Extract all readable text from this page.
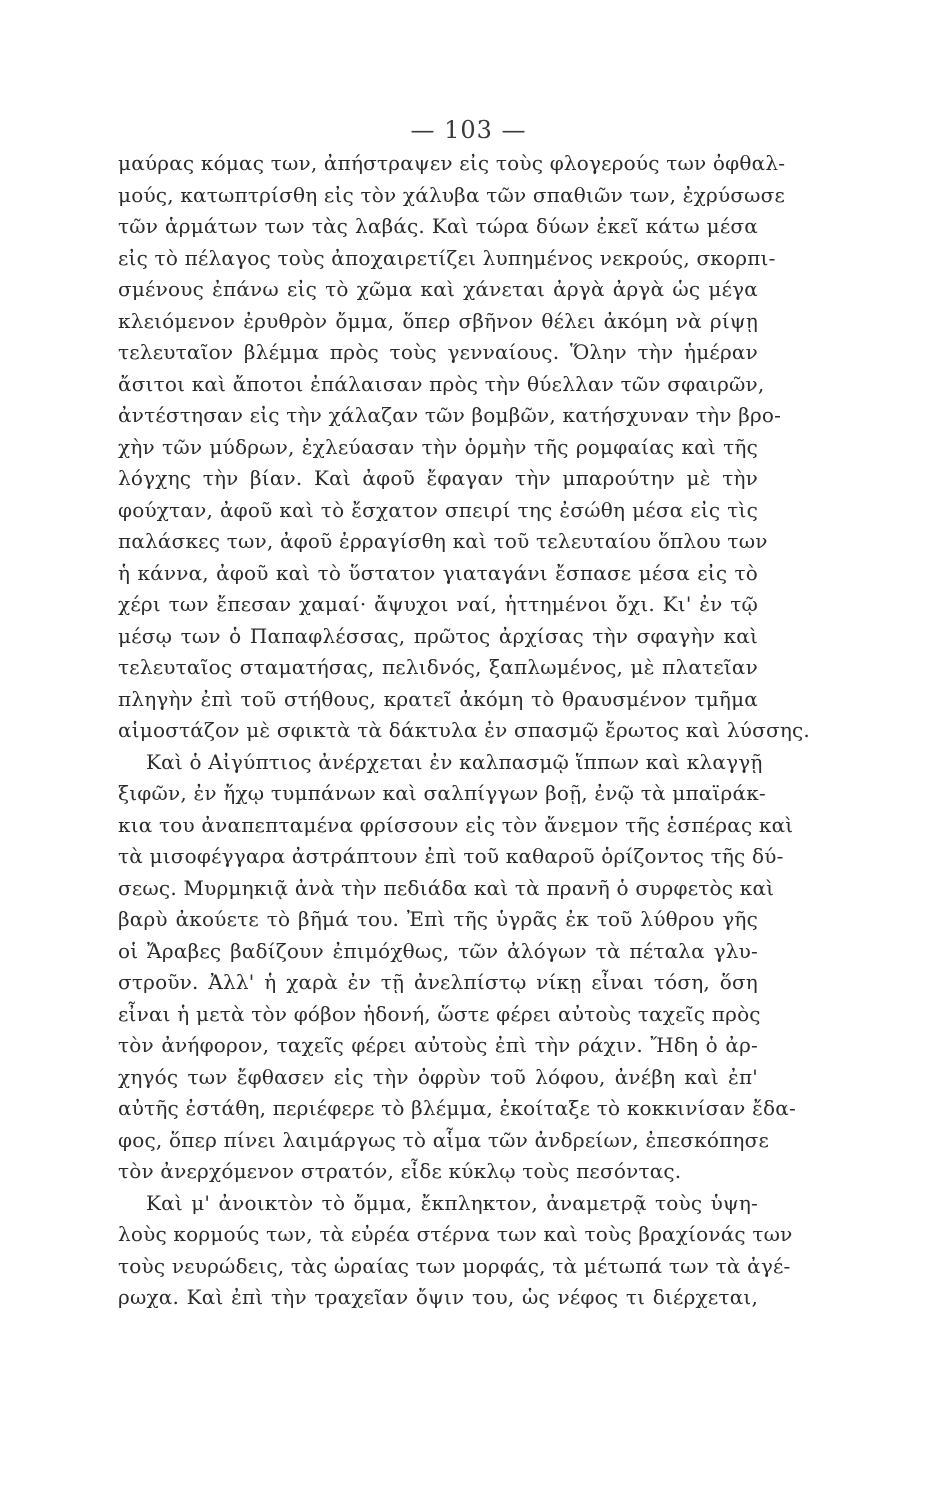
— 103 —
μαύρας κόμας των, ἀπήστραψεν εἰς τοὺς φλογερούς των ὀφθαλ-
μούς, κατωπτρίσθη εἰς τὸν χάλυβα τῶν σπαθιῶν των, ἐχρύσωσε
τῶν ἁρμάτων των τὰς λαβάς. Καὶ τώρα δύων ἐκεῖ κάτω μέσα
εἰς τὸ πέλαγος τοὺς ἀποχαιρετίζει λυπημένος νεκρούς, σκορπι-
σμένους ἐπάνω εἰς τὸ χῶμα καὶ χάνεται ἀργὰ ἀργὰ ὡς μέγα
κλειόμενον ἐρυθρὸν ὄμμα, ὅπερ σβῆνον θέλει ἀκόμη νὰ ρίψῃ
τελευταῖον βλέμμα πρὸς τοὺς γενναίους. Ὅλην τὴν ἡμέραν
ἄσιτοι καὶ ἄποτοι ἐπάλαισαν πρὸς τὴν θύελλαν τῶν σφαιρῶν,
ἀντέστησαν εἰς τὴν χάλαζαν τῶν βομβῶν, κατήσχυναν τὴν βρο-
χὴν τῶν μύδρων, ἐχλεύασαν τὴν ὁρμὴν τῆς ρομφαίας καὶ τῆς
λόγχης τὴν βίαν. Καὶ ἀφοῦ ἔφαγαν τὴν μπαρούτην μὲ τὴν
φούχταν, ἀφοῦ καὶ τὸ ἔσχατον σπειρί της ἐσώθη μέσα εἰς τὶς
παλάσκες των, ἀφοῦ ἐρραγίσθη καὶ τοῦ τελευταίου ὅπλου των
ἡ κάννα, ἀφοῦ καὶ τὸ ὕστατον γιαταγάνι ἔσπασε μέσα εἰς τὸ
χέρι των ἔπεσαν χαμαί· ἄψυχοι ναί, ἡττημένοι ὄχι. Κι' ἐν τῷ
μέσῳ των ὁ Παπαφλέσσας, πρῶτος ἀρχίσας τὴν σφαγὴν καὶ
τελευταῖος σταματήσας, πελιδνός, ξαπλωμένος, μὲ πλατεῖαν
πληγὴν ἐπὶ τοῦ στήθους, κρατεῖ ἀκόμη τὸ θραυσμένον τμῆμα
αἱμοστάζον μὲ σφικτὰ τὰ δάκτυλα ἐν σπασμῷ ἔρωτος καὶ λύσσης.
Καὶ ὁ Αἰγύπτιος ἀνέρχεται ἐν καλπασμῷ ἵππων καὶ κλαγγῇ
ξιφῶν, ἐν ἤχῳ τυμπάνων καὶ σαλπίγγων βοῇ, ἐνῷ τὰ μπαϊράκ-
κια του ἀναπεπταμένα φρίσσουν εἰς τὸν ἄνεμον τῆς ἑσπέρας καὶ
τὰ μισοφέγγαρα ἀστράπτουν ἐπὶ τοῦ καθαροῦ ὁρίζοντος τῆς δύ-
σεως. Μυρμηκιᾷ ἀνὰ τὴν πεδιάδα καὶ τὰ πρανῆ ὁ συρφετὸς καὶ
βαρὺ ἀκούετε τὸ βῆμά του. Ἐπὶ τῆς ὑγρᾶς ἐκ τοῦ λύθρου γῆς
οἱ Ἄραβες βαδίζουν ἐπιμόχθως, τῶν ἀλόγων τὰ πέταλα γλυ-
στροῦν. Ἀλλ' ἡ χαρὰ ἐν τῇ ἀνελπίστῳ νίκῃ εἶναι τόση, ὅση
εἶναι ἡ μετὰ τὸν φόβον ἡδονή, ὥστε φέρει αὐτοὺς ταχεῖς πρὸς
τὸν ἀνήφορον, ταχεῖς φέρει αὐτοὺς ἐπὶ τὴν ράχιν. Ἤδη ὁ ἀρ-
χηγός των ἔφθασεν εἰς τὴν ὀφρὺν τοῦ λόφου, ἀνέβη καὶ ἐπ'
αὐτῆς ἐστάθη, περιέφερε τὸ βλέμμα, ἐκοίταξε τὸ κοκκινίσαν ἔδα-
φος, ὅπερ πίνει λαιμάργως τὸ αἷμα τῶν ἀνδρείων, ἐπεσκόπησε
τὸν ἀνερχόμενον στρατόν, εἶδε κύκλῳ τοὺς πεσόντας.
Καὶ μ' ἀνοικτὸν τὸ ὄμμα, ἔκπληκτον, ἀναμετρᾷ τοὺς ὑψη-
λοὺς κορμούς των, τὰ εὐρέα στέρνα των καὶ τοὺς βραχίονάς των
τοὺς νευρώδεις, τὰς ὡραίας των μορφάς, τὰ μέτωπά των τὰ ἀγέ-
ρωχα. Καὶ ἐπὶ τὴν τραχεῖαν ὄψιν του, ὡς νέφος τι διέρχεται,
